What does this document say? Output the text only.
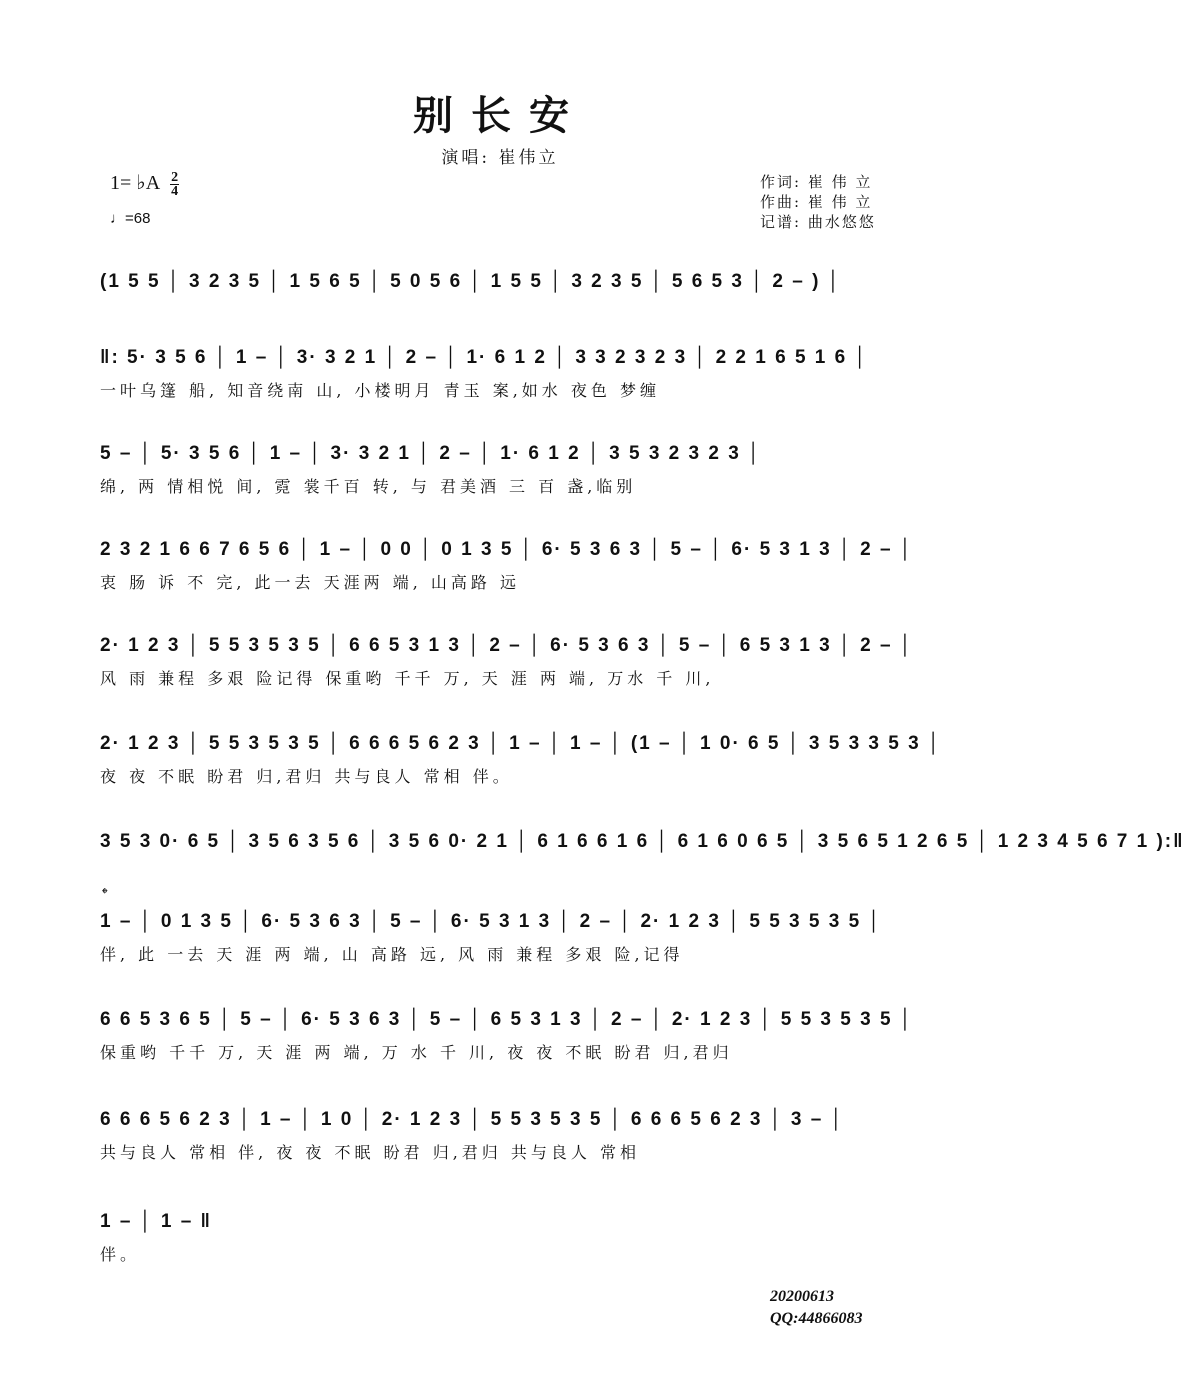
别长安
演唱: 崔伟立
1= ♭A $\frac{2}{4}$
♩=68
作词: 崔 伟 立
作曲: 崔 伟 立
记谱: 曲水悠悠
(1 5 5 │ 3 2 3 5 │ 1 5 6 5 │ 5 0 5 6 │ 1 5 5 │ 3 2 3 5 │ 5 6 5 3 │ 2 – ) │
‖: 5· 3 5 6 │ 1 – │ 3· 3 2 1 │ 2 – │ 1· 6 1 2 │ 3 3 2 3 2 3 │ 2 2 1 6 5 1 6 │
一叶乌篷 船, 知音绕南 山, 小楼明月 青玉 案,如水 夜色 梦缠
5 – │ 5· 3 5 6 │ 1 – │ 3· 3 2 1 │ 2 – │ 1· 6 1 2 │ 3 5 3 2 3 2 3 │
绵, 两 情相悦 间, 霓 裳千百 转, 与 君美酒 三 百 盏,临别
2 3 2 1 6 6 7 6 5 6 │ 1 – │ 0 0 │ 0 1 3 5 │ 6· 5 3 6 3 │ 5 – │ 6· 5 3 1 3 │ 2 – │
衷 肠 诉 不 完, 此一去 天涯两 端, 山高路 远
2· 1 2 3 │ 5 5 3 5 3 5 │ 6 6 5 3 1 3 │ 2 – │ 6· 5 3 6 3 │ 5 – │ 6 5 3 1 3 │ 2 – │
风 雨 兼程 多艰 险记得 保重哟 千千 万, 天 涯 两 端, 万水 千 川,
2· 1 2 3 │ 5 5 3 5 3 5 │ 6 6 6 5 6 2 3 │ 1 – │ 1 – │ (1 – │ 1 0· 6 5 │ 3 5 3 3 5 3 │
夜 夜 不眠 盼君 归,君归 共与良人 常相 伴。
3 5 3 0· 6 5 │ 3 5 6 3 5 6 │ 3 5 6 0· 2 1 │ 6 1 6 6 1 6 │ 6 1 6 0 6 5 │ 3 5 6 5 1 2 6 5 │ 1 2 3 4 5 6 7 1 ):‖
𝄌
1 – │ 0 1 3 5 │ 6· 5 3 6 3 │ 5 – │ 6· 5 3 1 3 │ 2 – │ 2· 1 2 3 │ 5 5 3 5 3 5 │
伴, 此 一去 天 涯 两 端, 山 高路 远, 风 雨 兼程 多艰 险,记得
6 6 5 3 6 5 │ 5 – │ 6· 5 3 6 3 │ 5 – │ 6 5 3 1 3 │ 2 – │ 2· 1 2 3 │ 5 5 3 5 3 5 │
保重哟 千千 万, 天 涯 两 端, 万 水 千 川, 夜 夜 不眠 盼君 归,君归
6 6 6 5 6 2 3 │ 1 – │ 1 0 │ 2· 1 2 3 │ 5 5 3 5 3 5 │ 6 6 6 5 6 2 3 │ 3 – │
共与良人 常相 伴, 夜 夜 不眠 盼君 归,君归 共与良人 常相
1 – │ 1 – ‖
伴。
20200613
QQ:44866083
